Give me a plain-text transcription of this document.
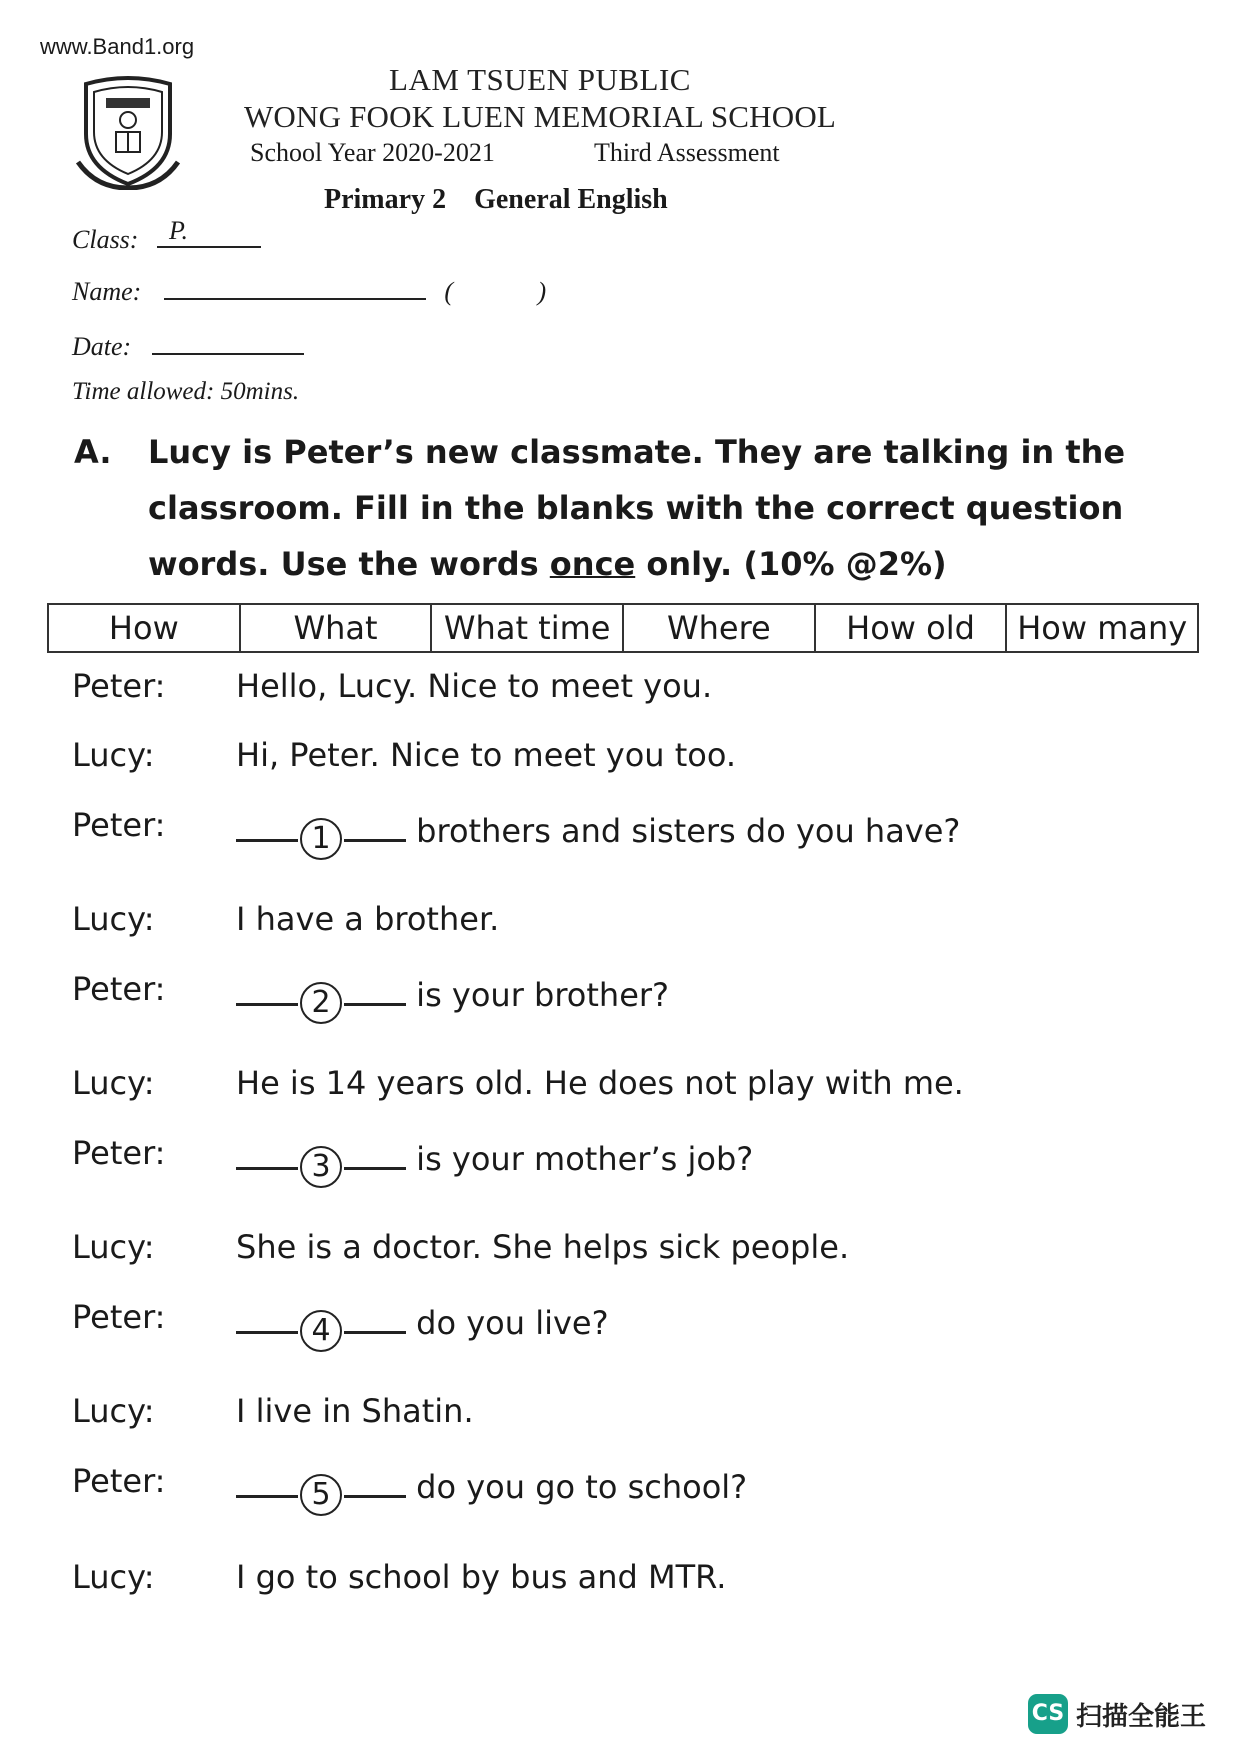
www.Band1.org
LAM TSUEN PUBLIC
WONG FOOK LUEN MEMORIAL SCHOOL
School Year 2020-2021	Third Assessment
Primary 2 General English
Class: P.
Name:	(	)
Date:
Time allowed: 50mins.
A. Lucy is Peter’s new classmate. They are talking in the classroom. Fill in the blanks with the correct question words. Use the words once only. (10% @2%)
How	What	What time	Where	How old	How many
Peter: Hello, Lucy. Nice to meet you.
Lucy:	Hi, Peter. Nice to meet you too.
Peter:	1	brothers and sisters do you have?
Lucy:	I have a brother.
Peter:	2	is your brother?
Lucy:	He is 14 years old. He does not play with me.
Peter:	3	is your mother’s job?
Lucy:	She is a doctor. She helps sick people.
Peter:	4	do you live?
Lucy:	I live in Shatin.
Peter:	5	do you go to school?
Lucy:	I go to school by bus and MTR.
CS 扫描全能王
